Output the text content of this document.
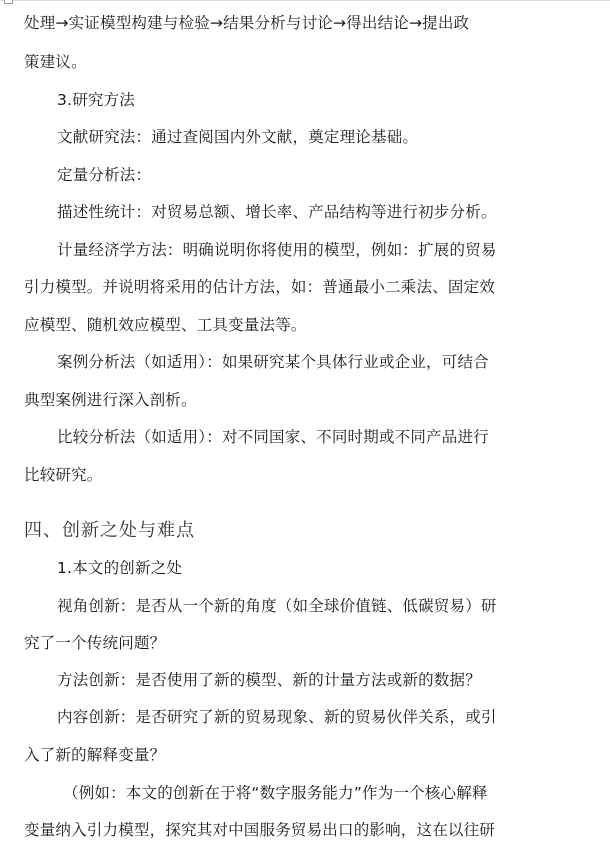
处理→实证模型构建与检验→结果分析与讨论→得出结论→提出政
策建议。
3.研究方法
文献研究法：通过查阅国内外文献，奠定理论基础。
定量分析法：
描述性统计：对贸易总额、增长率、产品结构等进行初步分析。
计量经济学方法：明确说明你将使用的模型，例如：扩展的贸易
引力模型。并说明将采用的估计方法，如：普通最小二乘法、固定效
应模型、随机效应模型、工具变量法等。
案例分析法（如适用）：如果研究某个具体行业或企业，可结合
典型案例进行深入剖析。
比较分析法（如适用）：对不同国家、不同时期或不同产品进行
比较研究。
四、创新之处与难点
1.本文的创新之处
视角创新：是否从一个新的角度（如全球价值链、低碳贸易）研
究了一个传统问题？
方法创新：是否使用了新的模型、新的计量方法或新的数据？
内容创新：是否研究了新的贸易现象、新的贸易伙伴关系，或引
入了新的解释变量？
（例如：本文的创新在于将“数字服务能力”作为一个核心解释
变量纳入引力模型，探究其对中国服务贸易出口的影响，这在以往研
